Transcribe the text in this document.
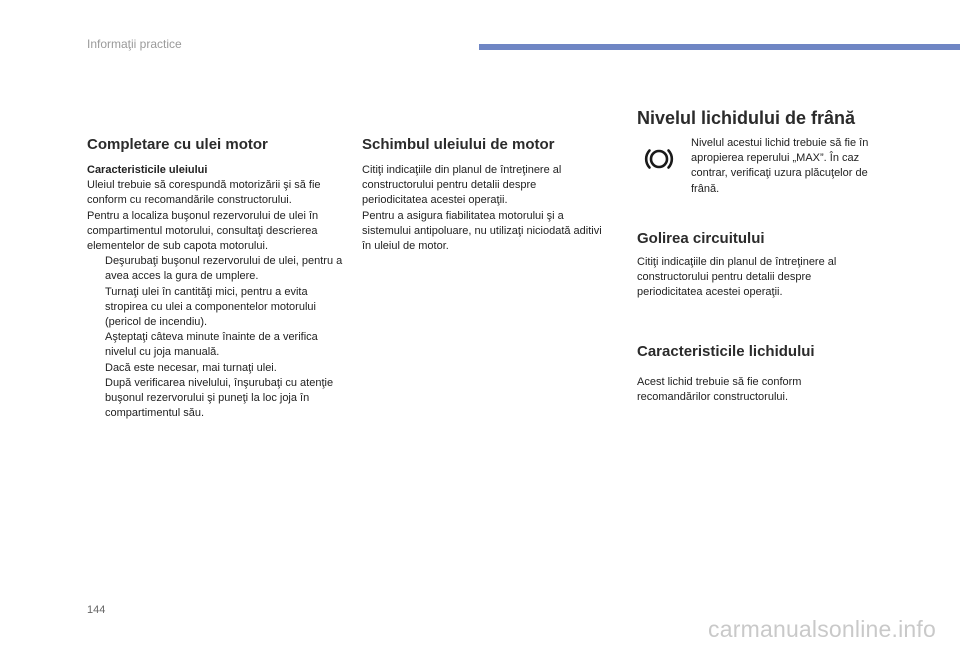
Informaţii practice
Completare cu ulei motor

Caracteristicile uleiului

Uleiul trebuie să corespundă motorizării şi să fie conform cu recomandările constructorului.

Pentru a localiza buşonul rezervorului de ulei în compartimentul motorului, consultaţi descrierea elementelor de sub capota motorului.

Deşurubaţi buşonul rezervorului de ulei, pentru a avea acces la gura de umplere.
Turnaţi ulei în cantităţi mici, pentru a evita stropirea cu ulei a componentelor motorului (pericol de incendiu).
Aşteptaţi câteva minute înainte de a verifica nivelul cu joja manuală.
Dacă este necesar, mai turnaţi ulei.
După verificarea nivelului, înşurubaţi cu atenţie buşonul rezervorului şi puneţi la loc joja în compartimentul său.
Schimbul uleiului de motor

Citiţi indicaţiile din planul de întreţinere al constructorului pentru detalii despre periodicitatea acestei operaţii.

Pentru a asigura fiabilitatea motorului şi a sistemului antipoluare, nu utilizaţi niciodată aditivi în uleiul de motor.

Nivelul lichidului de frână
Nivelul acestui lichid trebuie să fie în apropierea reperului „MAX”. În caz contrar, verificaţi uzura plăcuţelor de frână.
Golirea circuitului
Citiţi indicaţiile din planul de întreţinere al constructorului pentru detalii despre periodicitatea acestei operaţii.
Caracteristicile lichidului
Acest lichid trebuie să fie conform recomandărilor constructorului.
144
carmanualsonline.info
